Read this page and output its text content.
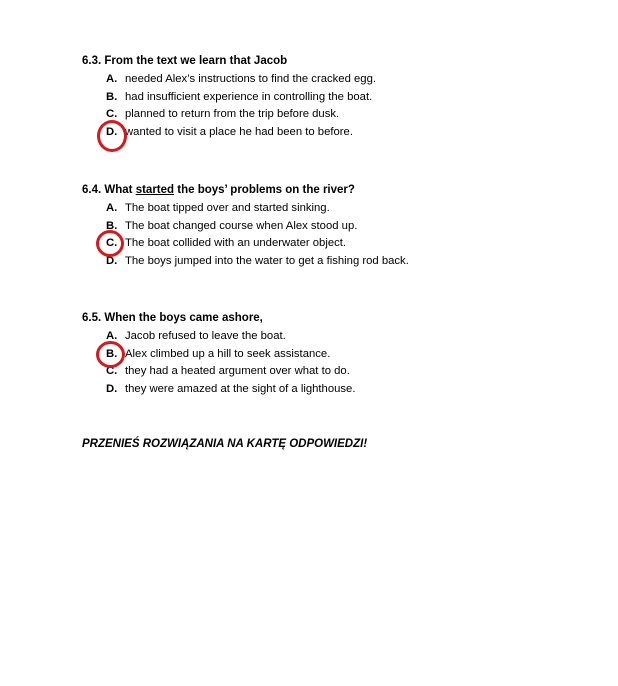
6.3. From the text we learn that Jacob
A. needed Alex’s instructions to find the cracked egg.
B. had insufficient experience in controlling the boat.
C. planned to return from the trip before dusk.
D. wanted to visit a place he had been to before.
6.4. What started the boys’ problems on the river?
A. The boat tipped over and started sinking.
B. The boat changed course when Alex stood up.
C. The boat collided with an underwater object.
D. The boys jumped into the water to get a fishing rod back.
6.5. When the boys came ashore,
A. Jacob refused to leave the boat.
B. Alex climbed up a hill to seek assistance.
C. they had a heated argument over what to do.
D. they were amazed at the sight of a lighthouse.
PRZENIEŚ ROZWIĄZANIA NA KARTĘ ODPOWIEDZI!
